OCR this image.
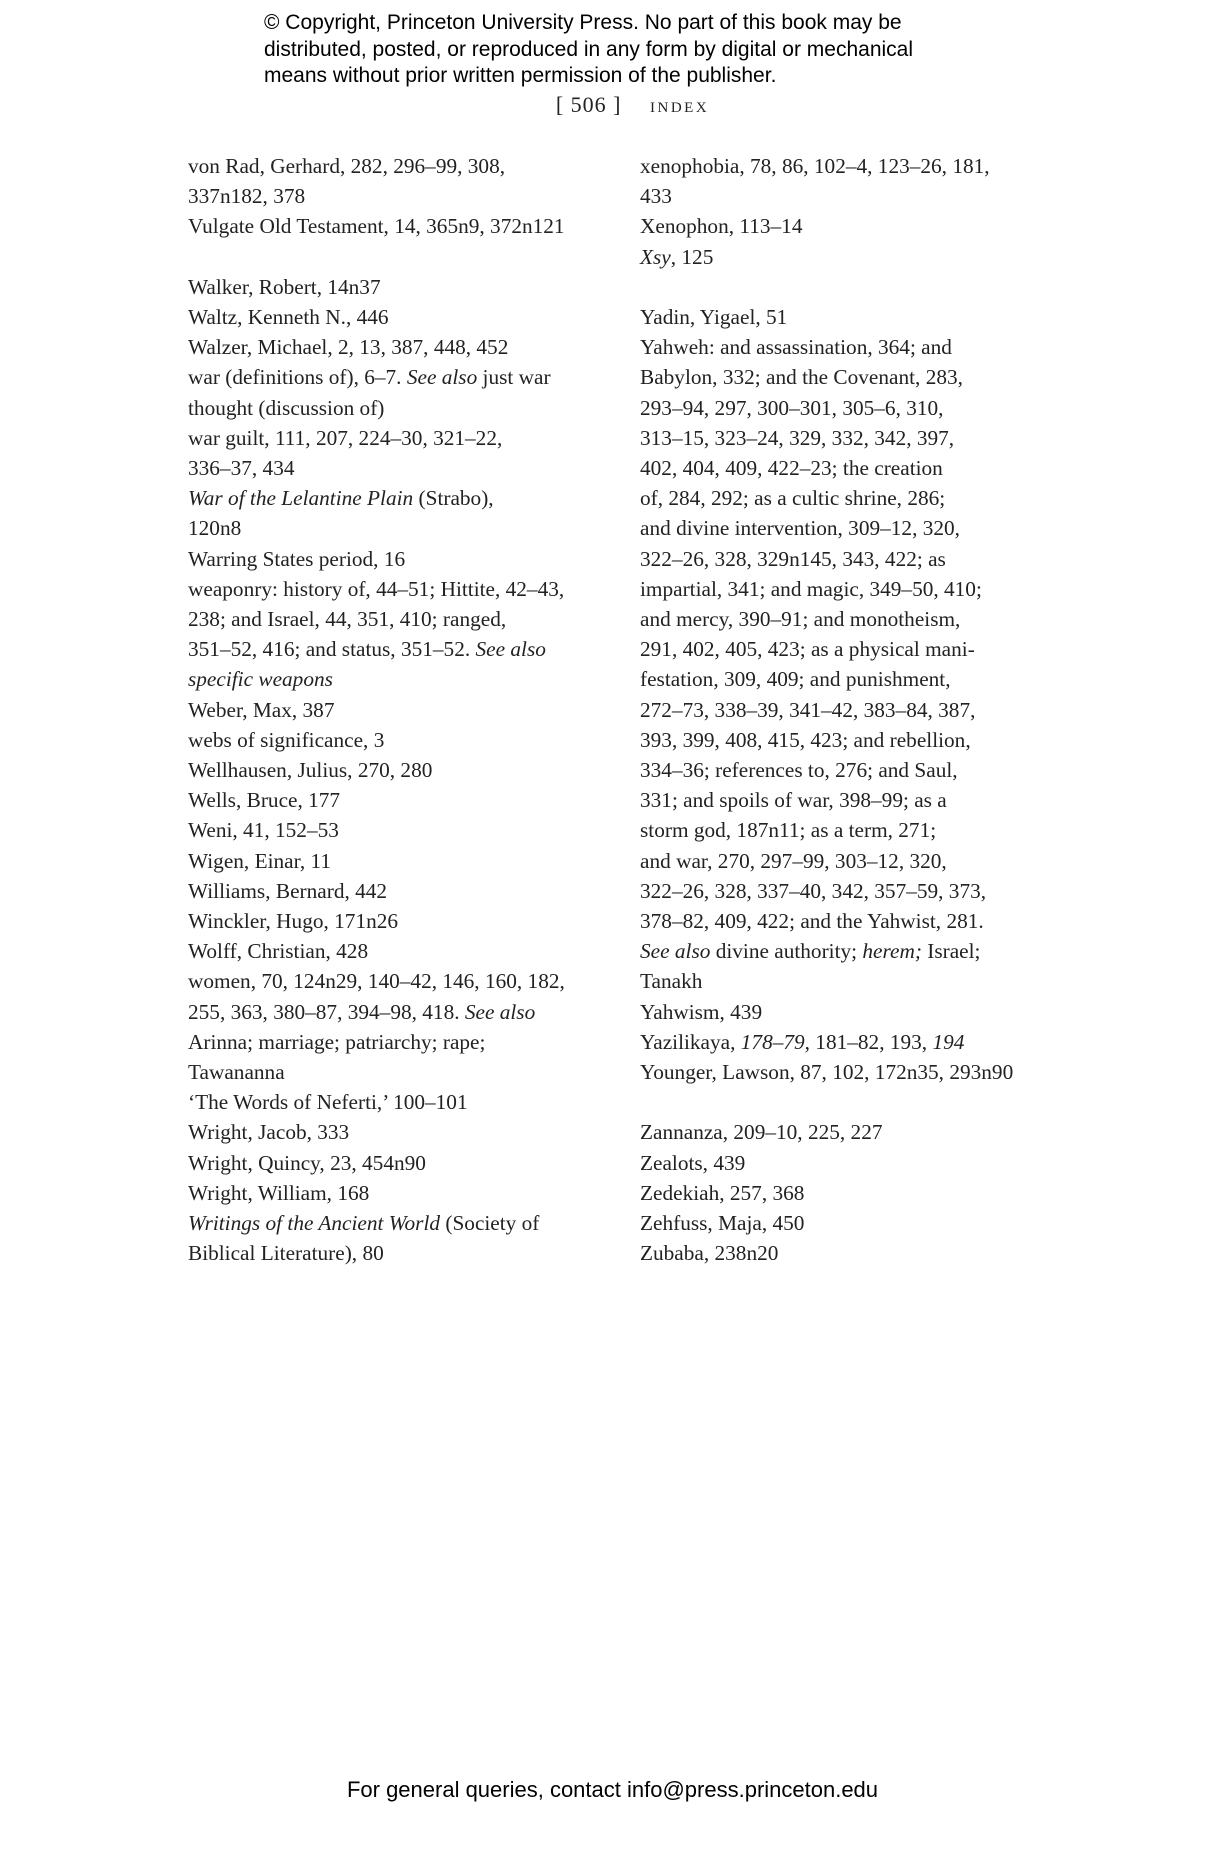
© Copyright, Princeton University Press. No part of this book may be
distributed, posted, or reproduced in any form by digital or mechanical
means without prior written permission of the publisher.
[ 506 ] index

von Rad, Gerhard, 282, 296–99, 308,
337n182, 378

Vulgate Old Testament, 14, 365n9, 372n121

Walker, Robert, 14n37

Waltz, Kenneth N., 446

Walzer, Michael, 2, 13, 387, 448, 452

war (definitions of), 6–7. See also just war
thought (discussion of)

war guilt, 111, 207, 224–30, 321–22,
336–37, 434

War of the Lelantine Plain (Strabo),
120n8

Warring States period, 16

weaponry: history of, 44–51; Hittite, 42–43,
238; and Israel, 44, 351, 410; ranged,
351–52, 416; and status, 351–52. See also
specific weapons

Weber, Max, 387

webs of significance, 3

Wellhausen, Julius, 270, 280

Wells, Bruce, 177

Weni, 41, 152–53

Wigen, Einar, 11

Williams, Bernard, 442

Winckler, Hugo, 171n26

Wolff, Christian, 428

women, 70, 124n29, 140–42, 146, 160, 182,
255, 363, 380–87, 394–98, 418. See also
Arinna; marriage; patriarchy; rape;
Tawananna

‘The Words of Neferti,’ 100–101

Wright, Jacob, 333

Wright, Quincy, 23, 454n90

Wright, William, 168

Writings of the Ancient World (Society of
Biblical Literature), 80

xenophobia, 78, 86, 102–4, 123–26, 181,
433

Xenophon, 113–14

Xsy, 125

Yadin, Yigael, 51

Yahweh: and assassination, 364; and
Babylon, 332; and the Covenant, 283,
293–94, 297, 300–301, 305–6, 310,
313–15, 323–24, 329, 332, 342, 397,
402, 404, 409, 422–23; the creation
of, 284, 292; as a cultic shrine, 286;
and divine intervention, 309–12, 320,
322–26, 328, 329n145, 343, 422; as
impartial, 341; and magic, 349–50, 410;
and mercy, 390–91; and monotheism,
291, 402, 405, 423; as a physical mani-
festation, 309, 409; and punishment,
272–73, 338–39, 341–42, 383–84, 387,
393, 399, 408, 415, 423; and rebellion,
334–36; references to, 276; and Saul,
331; and spoils of war, 398–99; as a
storm god, 187n11; as a term, 271;
and war, 270, 297–99, 303–12, 320,
322–26, 328, 337–40, 342, 357–59, 373,
378–82, 409, 422; and the Yahwist, 281.
See also divine authority; herem; Israel;
Tanakh

Yahwism, 439

Yazilikaya, 178–79, 181–82, 193, 194

Younger, Lawson, 87, 102, 172n35, 293n90

Zannanza, 209–10, 225, 227

Zealots, 439

Zedekiah, 257, 368

Zehfuss, Maja, 450

Zubaba, 238n20

For general queries, contact info@press.princeton.edu
